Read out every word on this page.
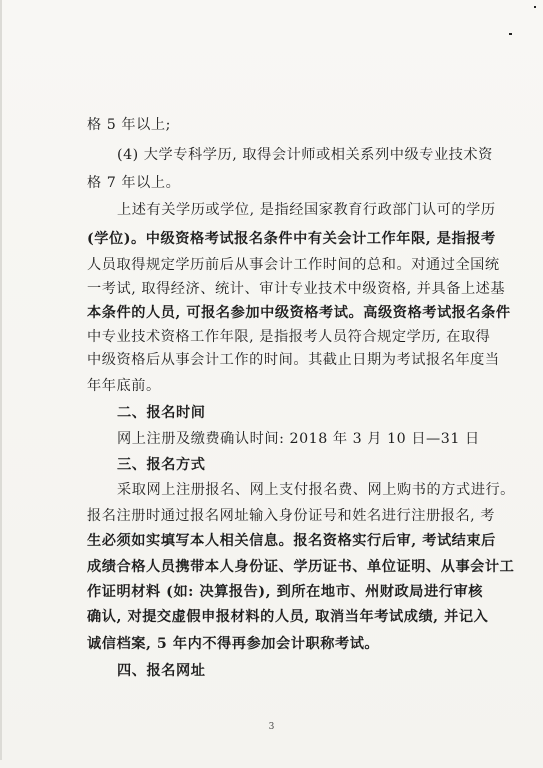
格 5 年以上;
(4) 大学专科学历, 取得会计师或相关系列中级专业技术资
格 7 年以上。
上述有关学历或学位, 是指经国家教育行政部门认可的学历
(学位)。中级资格考试报名条件中有关会计工作年限, 是指报考
人员取得规定学历前后从事会计工作时间的总和。对通过全国统
一考试, 取得经济、统计、审计专业技术中级资格, 并具备上述基
本条件的人员, 可报名参加中级资格考试。高级资格考试报名条件
中专业技术资格工作年限, 是指报考人员符合规定学历, 在取得
中级资格后从事会计工作的时间。其截止日期为考试报名年度当
年年底前。
二、报名时间
网上注册及缴费确认时间: 2018 年 3 月 10 日—31 日
三、报名方式
采取网上注册报名、网上支付报名费、网上购书的方式进行。
报名注册时通过报名网址输入身份证号和姓名进行注册报名, 考
生必须如实填写本人相关信息。报名资格实行后审, 考试结束后
成绩合格人员携带本人身份证、学历证书、单位证明、从事会计工
作证明材料 (如: 决算报告), 到所在地市、州财政局进行审核
确认, 对提交虚假申报材料的人员, 取消当年考试成绩, 并记入
诚信档案, 5 年内不得再参加会计职称考试。
四、报名网址
3
